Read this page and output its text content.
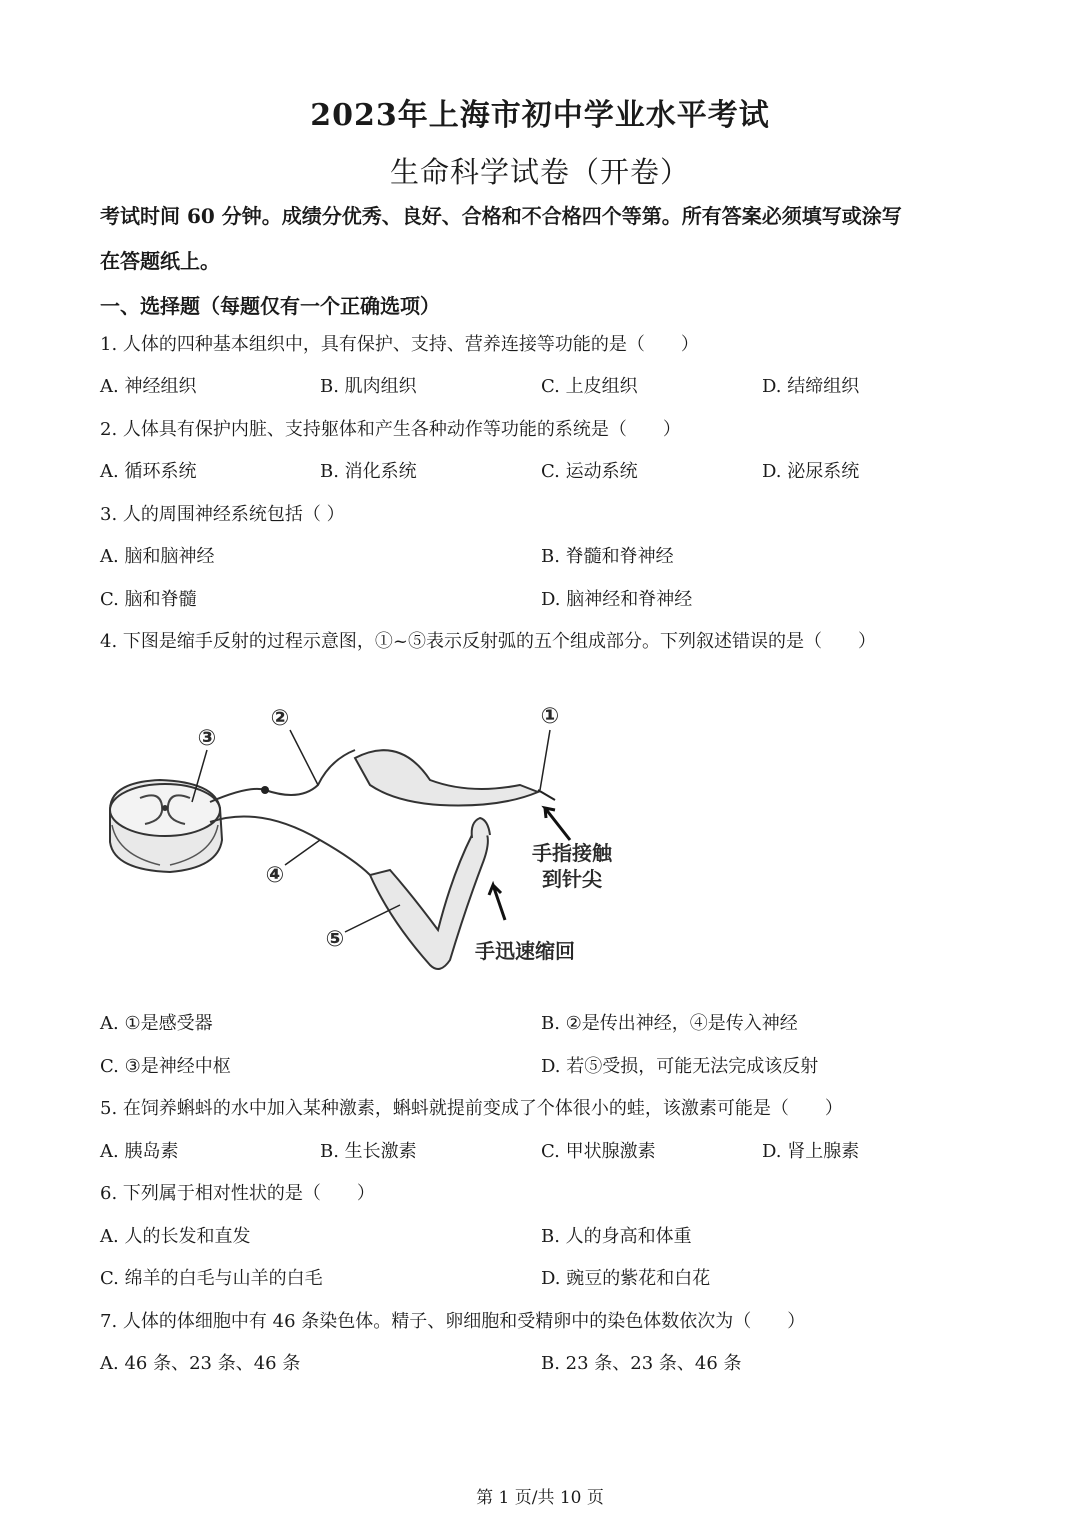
2023年上海市初中学业水平考试
生命科学试卷（开卷）
考试时间 60 分钟。成绩分优秀、良好、合格和不合格四个等第。所有答案必须填写或涂写
在答题纸上。
一、选择题（每题仅有一个正确选项）
1. 人体的四种基本组织中，具有保护、支持、营养连接等功能的是（　　）
A. 神经组织	B. 肌肉组织	C. 上皮组织	D. 结缔组织
2. 人体具有保护内脏、支持躯体和产生各种动作等功能的系统是（　　）
A. 循环系统	B. 消化系统	C. 运动系统	D. 泌尿系统
3. 人的周围神经系统包括（ ）
A. 脑和脑神经	B. 脊髓和脊神经
C. 脑和脊髓	D. 脑神经和脊神经
4. 下图是缩手反射的过程示意图，①~⑤表示反射弧的五个组成部分。下列叙述错误的是（　　）
③
②	①
④
⑤
手指接触
到针尖
手迅速缩回
A. ①是感受器	B. ②是传出神经，④是传入神经
C. ③是神经中枢	D. 若⑤受损，可能无法完成该反射
5. 在饲养蝌蚪的水中加入某种激素，蝌蚪就提前变成了个体很小的蛙，该激素可能是（　　）
A. 胰岛素	B. 生长激素	C. 甲状腺激素	D. 肾上腺素
6. 下列属于相对性状的是（　　）
A. 人的长发和直发	B. 人的身高和体重
C. 绵羊的白毛与山羊的白毛	D. 豌豆的紫花和白花
7. 人体的体细胞中有 46 条染色体。精子、卵细胞和受精卵中的染色体数依次为（　　）
A. 46 条、23 条、46 条	B. 23 条、23 条、46 条
第 1 页/共 10 页
